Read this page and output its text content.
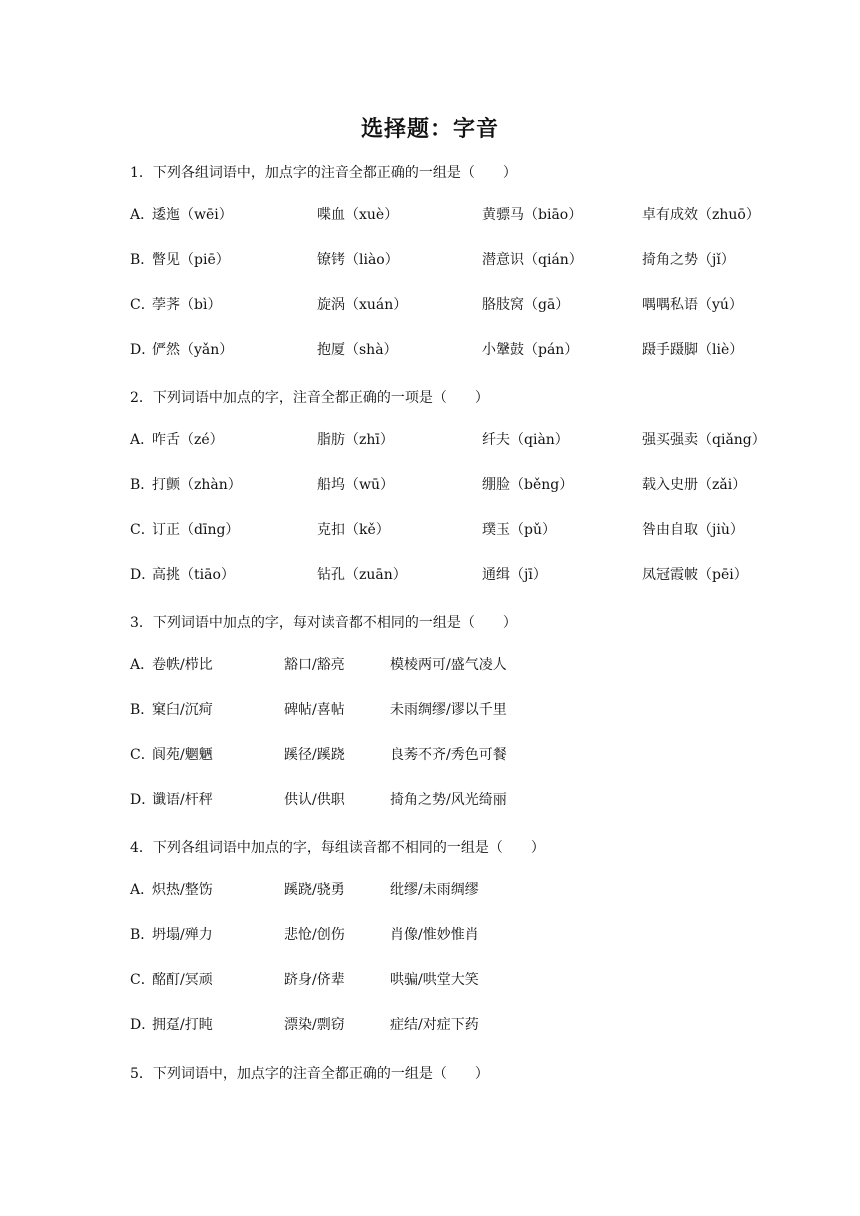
选择题：字音
1．下列各组词语中，加点字的注音全都正确的一组是（　　）
A．
逶迤（wēi）	喋血（xuè）	黄骠马（biāo）	卓有成效（zhuō）
B．
瞥见（piē）	镣铐（liào）	潜意识（qián）	掎角之势（jǐ）
C．
荸荠（bì）	旋涡（xuán）	胳肢窝（gā）	喁喁私语（yú）
D．
俨然（yǎn）	抱厦（shà）	小鞶鼓（pán）	蹑手蹑脚（liè）
2．下列词语中加点的字，注音全都正确的一项是（　　）
A．
咋舌（zé）	脂肪（zhī）	纤夫（qiàn）	强买强卖（qiǎng）
B．
打颤（zhàn）	船坞（wū）	绷脸（běng）	载入史册（zǎi）
C．
订正（dīng）	克扣（kě）	璞玉（pǔ）	咎由自取（jiù）
D．
高挑（tiāo）	钻孔（zuān）	通缉（jī）	凤冠霞帔（pēi）
3．下列词语中加点的字，每对读音都不相同的一组是（　　）
A．
卷帙/栉比	豁口/豁亮	模棱两可/盛气凌人
B．
窠臼/沉疴	碑帖/喜帖	未雨绸缪/谬以千里
C．
阆苑/魍魉	蹊径/蹊跷	良莠不齐/秀色可餐
D．
谶语/杆秤	供认/供职	掎角之势/风光绮丽
4．下列各组词语中加点的字，每组读音都不相同的一组是（　　）
A．
炽热/整饬	蹊跷/骁勇	纰缪/未雨绸缪
B．
坍塌/殚力	悲怆/创伤	肖像/惟妙惟肖
C．
酩酊/冥顽	跻身/侪辈	哄骗/哄堂大笑
D．
拥趸/打盹	漂染/剽窃	症结/对症下药
5．下列词语中，加点字的注音全都正确的一组是（　　）
